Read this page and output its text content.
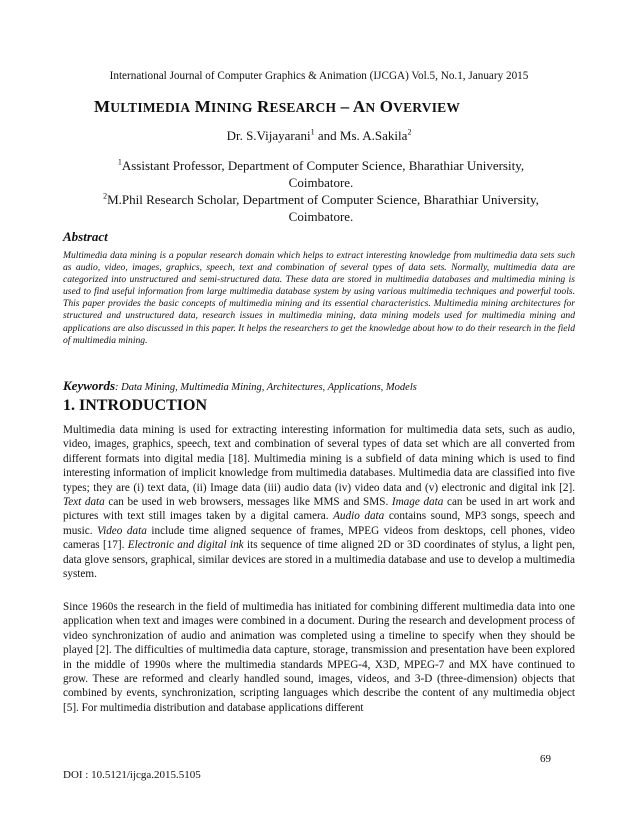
International Journal of Computer Graphics & Animation (IJCGA) Vol.5, No.1, January 2015
MULTIMEDIA MINING RESEARCH – AN OVERVIEW
Dr. S.Vijayarani$^1$ and Ms. A.Sakila$^2$
$^1$Assistant Professor, Department of Computer Science, Bharathiar University,
Coimbatore.
$^2$M.Phil Research Scholar, Department of Computer Science, Bharathiar University,
Coimbatore.
Abstract

Multimedia data mining is a popular research domain which helps to extract interesting knowledge from multimedia data sets such as audio, video, images, graphics, speech, text and combination of several types of data sets. Normally, multimedia data are categorized into unstructured and semi-structured data. These data are stored in multimedia databases and multimedia mining is used to find useful information from large multimedia database system by using various multimedia techniques and powerful tools. This paper provides the basic concepts of multimedia mining and its essential characteristics. Multimedia mining architectures for structured and unstructured data, research issues in multimedia mining, data mining models used for multimedia mining and applications are also discussed in this paper. It helps the researchers to get the knowledge about how to do their research in the field of multimedia mining.

Keywords: Data Mining, Multimedia Mining, Architectures, Applications, Models

1. INTRODUCTION

Multimedia data mining is used for extracting interesting information for multimedia data sets, such as audio, video, images, graphics, speech, text and combination of several types of data set which are all converted from different formats into digital media [18]. Multimedia mining is a subfield of data mining which is used to find interesting information of implicit knowledge from multimedia databases. Multimedia data are classified into five types; they are (i) text data, (ii) Image data (iii) audio data (iv) video data and (v) electronic and digital ink [2]. Text data can be used in web browsers, messages like MMS and SMS. Image data can be used in art work and pictures with text still images taken by a digital camera. Audio data contains sound, MP3 songs, speech and music. Video data include time aligned sequence of frames, MPEG videos from desktops, cell phones, video cameras [17]. Electronic and digital ink its sequence of time aligned 2D or 3D coordinates of stylus, a light pen, data glove sensors, graphical, similar devices are stored in a multimedia database and use to develop a multimedia system.

Since 1960s the research in the field of multimedia has initiated for combining different multimedia data into one application when text and images were combined in a document. During the research and development process of video synchronization of audio and animation was completed using a timeline to specify when they should be played [2]. The difficulties of multimedia data capture, storage, transmission and presentation have been explored in the middle of 1990s where the multimedia standards MPEG-4, X3D, MPEG-7 and MX have continued to grow. These are reformed and clearly handled sound, images, videos, and 3-D (three-dimension) objects that combined by events, synchronization, scripting languages which describe the content of any multimedia object [5]. For multimedia distribution and database applications different

69
DOI : 10.5121/ijcga.2015.5105
